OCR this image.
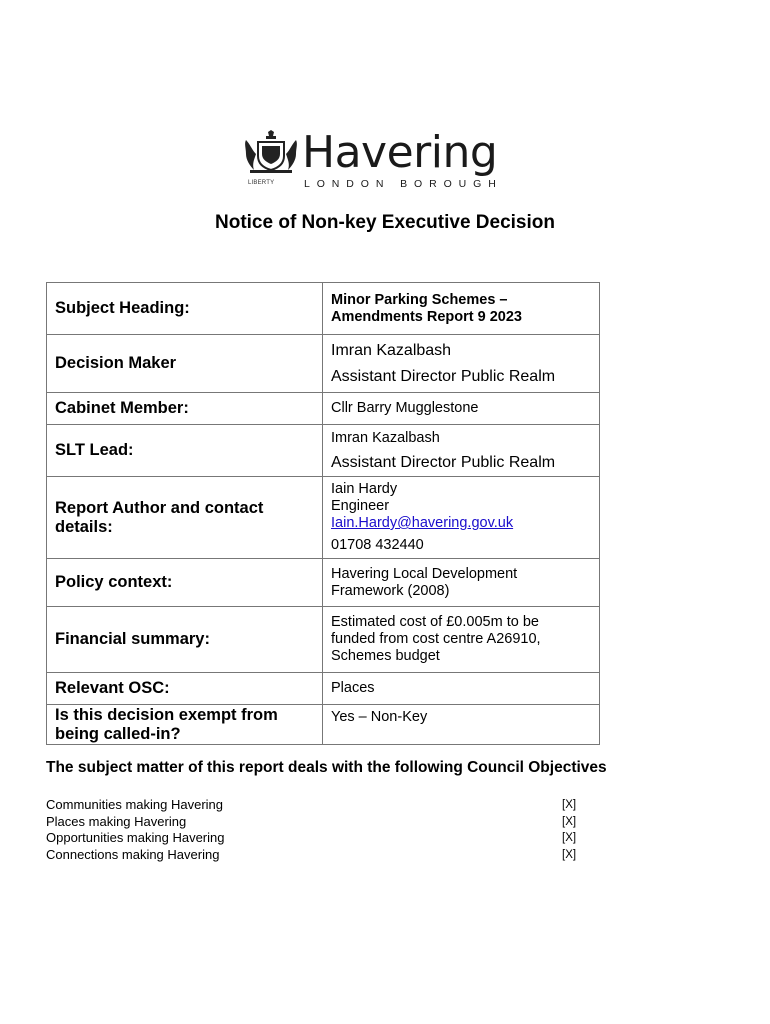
LIBERTY
Havering
LONDON BOROUGH
Notice of Non-key Executive Decision
Subject Heading:	Minor Parking Schemes –
Amendments Report 9 2023

Decision Maker	Imran Kazalbash
Assistant Director Public Realm

Cabinet Member:	Cllr Barry Mugglestone
SLT Lead:	Imran Kazalbash
Assistant Director Public Realm

Report Author and contact details:	Iain Hardy
Engineer
Iain.Hardy@havering.gov.uk
01708 432440

Policy context:	Havering Local Development
Framework (2008)

Financial summary:	Estimated cost of £0.005m to be
funded from cost centre A26910,
Schemes budget

Relevant OSC:	Places
Is this decision exempt from being called-in?	Yes – Non-Key
The subject matter of this report deals with the following Council Objectives
Communities making Havering	[X]
Places making Havering	[X]
Opportunities making Havering	[X]
Connections making Havering	[X]
